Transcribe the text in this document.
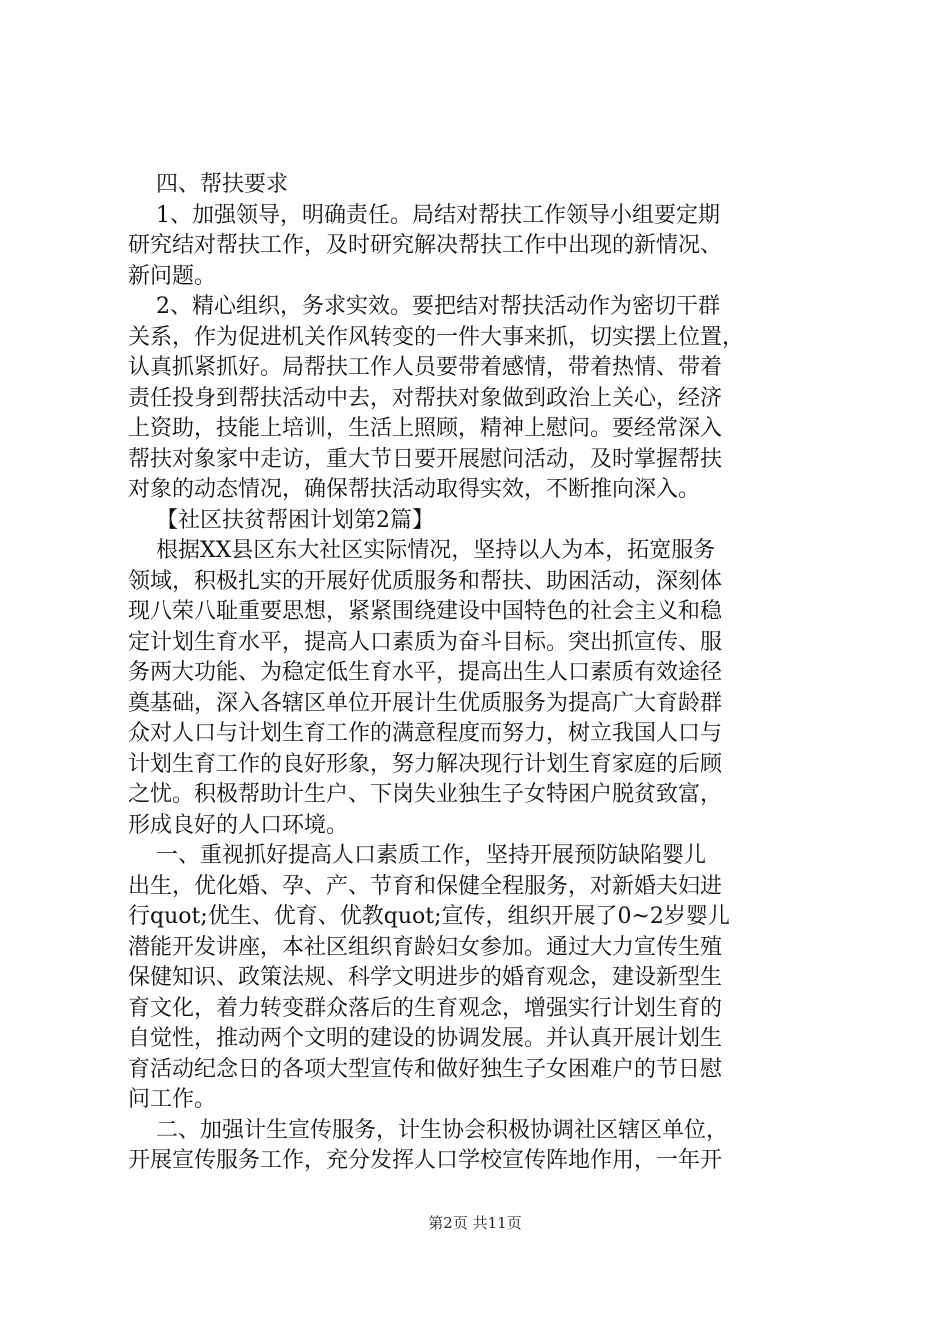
四、帮扶要求
1、加强领导，明确责任。局结对帮扶工作领导小组要定期
研究结对帮扶工作，及时研究解决帮扶工作中出现的新情况、
新问题。
2、精心组织，务求实效。要把结对帮扶活动作为密切干群
关系，作为促进机关作风转变的一件大事来抓，切实摆上位置，
认真抓紧抓好。局帮扶工作人员要带着感情，带着热情、带着
责任投身到帮扶活动中去，对帮扶对象做到政治上关心，经济
上资助，技能上培训，生活上照顾，精神上慰问。要经常深入
帮扶对象家中走访，重大节日要开展慰问活动，及时掌握帮扶
对象的动态情况，确保帮扶活动取得实效，不断推向深入。
【社区扶贫帮困计划第2篇】
根据XX县区东大社区实际情况，坚持以人为本，拓宽服务
领域，积极扎实的开展好优质服务和帮扶、助困活动，深刻体
现八荣八耻重要思想，紧紧围绕建设中国特色的社会主义和稳
定计划生育水平，提高人口素质为奋斗目标。突出抓宣传、服
务两大功能、为稳定低生育水平，提高出生人口素质有效途径
奠基础，深入各辖区单位开展计生优质服务为提高广大育龄群
众对人口与计划生育工作的满意程度而努力，树立我国人口与
计划生育工作的良好形象，努力解决现行计划生育家庭的后顾
之忧。积极帮助计生户、下岗失业独生子女特困户脱贫致富，
形成良好的人口环境。
一、重视抓好提高人口素质工作，坚持开展预防缺陷婴儿
出生，优化婚、孕、产、节育和保健全程服务，对新婚夫妇进
行quot;优生、优育、优教quot;宣传，组织开展了0~2岁婴儿
潜能开发讲座，本社区组织育龄妇女参加。通过大力宣传生殖
保健知识、政策法规、科学文明进步的婚育观念，建设新型生
育文化，着力转变群众落后的生育观念，增强实行计划生育的
自觉性，推动两个文明的建设的协调发展。并认真开展计划生
育活动纪念日的各项大型宣传和做好独生子女困难户的节日慰
问工作。
二、加强计生宣传服务，计生协会积极协调社区辖区单位，
开展宣传服务工作，充分发挥人口学校宣传阵地作用，一年开
第2页 共11页
